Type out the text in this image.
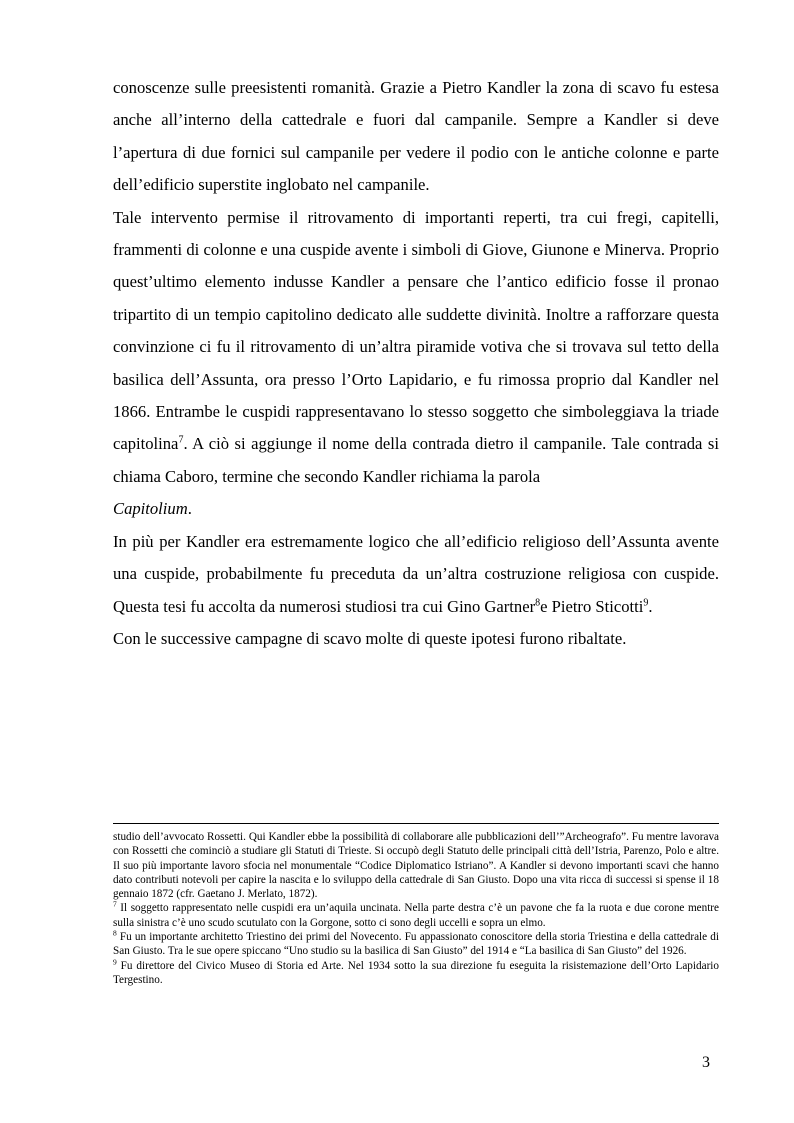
conoscenze sulle preesistenti romanità. Grazie a Pietro Kandler la zona di scavo fu estesa anche all’interno della cattedrale e fuori dal campanile. Sempre a Kandler si deve l’apertura di due fornici sul campanile per vedere il podio con le antiche colonne e parte dell’edificio superstite inglobato nel campanile.

Tale intervento permise il ritrovamento di importanti reperti, tra cui fregi, capitelli, frammenti di colonne e una cuspide avente i simboli di Giove, Giunone e Minerva. Proprio quest’ultimo elemento indusse Kandler a pensare che l’antico edificio fosse il pronao tripartito di un tempio capitolino dedicato alle suddette divinità. Inoltre a rafforzare questa convinzione ci fu il ritrovamento di un’altra piramide votiva che si trovava sul tetto della basilica dell’Assunta, ora presso l’Orto Lapidario, e fu rimossa proprio dal Kandler nel 1866. Entrambe le cuspidi rappresentavano lo stesso soggetto che simboleggiava la triade capitolina$^7$. A ciò si aggiunge il nome della contrada dietro il campanile. Tale contrada si chiama Caboro, termine che secondo Kandler richiama la parola
Capitolium.

In più per Kandler era estremamente logico che all’edificio religioso dell’Assunta avente una cuspide, probabilmente fu preceduta da un’altra costruzione religiosa con cuspide. Questa tesi fu accolta da numerosi studiosi tra cui Gino Gartner$^8$e Pietro Sticotti$^9$.

Con le successive campagne di scavo molte di queste ipotesi furono ribaltate.

studio dell’avvocato Rossetti. Qui Kandler ebbe la possibilità di collaborare alle pubblicazioni dell’”Archeografo”. Fu mentre lavorava con Rossetti che cominciò a studiare gli Statuti di Trieste. Si occupò degli Statuto delle principali città dell’Istria, Parenzo, Polo e altre. Il suo più importante lavoro sfocia nel monumentale “Codice Diplomatico Istriano”. A Kandler si devono importanti scavi che hanno dato contributi notevoli per capire la nascita e lo sviluppo della cattedrale di San Giusto. Dopo una vita ricca di successi si spense il 18 gennaio 1872 (cfr. Gaetano J. Merlato, 1872).

$^7$ Il soggetto rappresentato nelle cuspidi era un’aquila uncinata. Nella parte destra c’è un pavone che fa la ruota e due corone mentre sulla sinistra c’è uno scudo scutulato con la Gorgone, sotto ci sono degli uccelli e sopra un elmo.

$^8$ Fu un importante architetto Triestino dei primi del Novecento. Fu appassionato conoscitore della storia Triestina e della cattedrale di San Giusto. Tra le sue opere spiccano “Uno studio su la basilica di San Giusto” del 1914 e “La basilica di San Giusto” del 1926.

$^9$ Fu direttore del Civico Museo di Storia ed Arte. Nel 1934 sotto la sua direzione fu eseguita la risistemazione dell’Orto Lapidario Tergestino.

3
